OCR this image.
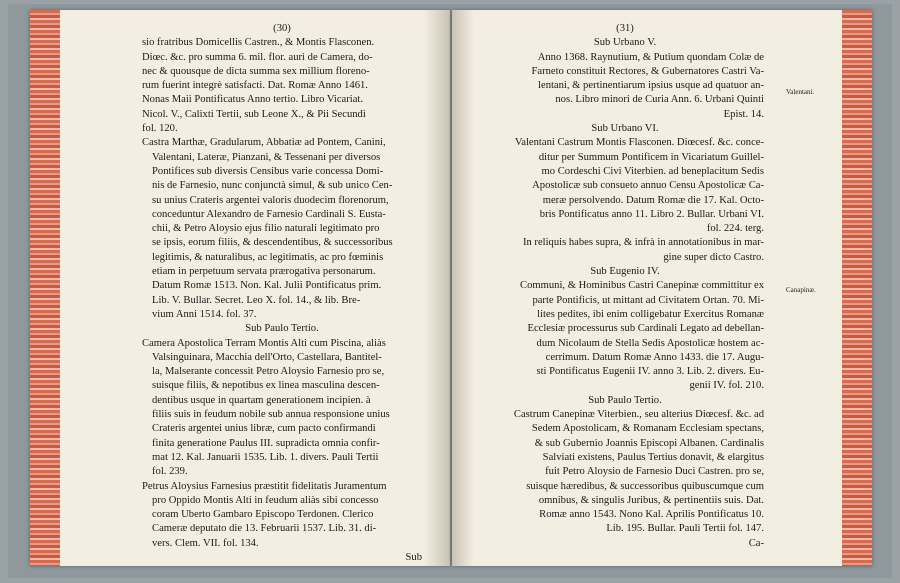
(30)
sio fratribus Domicellis Castren., & Montis Flasconen.
Diœc. &c. pro summa 6. mil. flor. auri de Camera, do-
nec & quousque de dicta summa sex millium floreno-
rum fuerint integrè satisfacti. Dat. Romæ Anno 1461.
Nonas Maii Pontificatus Anno tertio. Libro Vicariat.
Nicol. V., Calixti Tertii, sub Leone X., & Pii Secundi
fol. 120.
Castra Marthæ, Gradularum, Abbatiæ ad Pontem, Canini,
Valentani, Lateræ, Pianzani, & Tessenani per diversos
Pontifices sub diversis Censibus varie concessa Domi-
nis de Farnesio, nunc conjunctà simul, & sub unico Cen-
su unius Crateris argentei valoris duodecim florenorum,
conceduntur Alexandro de Farnesio Cardinali S. Eusta-
chii, & Petro Aloysio ejus filio naturali legitimato pro
se ipsis, eorum filiis, & descendentibus, & successoribus
legitimis, & naturalibus, ac legitimatis, ac pro fœminis
etiam in perpetuum servata prærogativa personarum.
Datum Romæ 1513. Non. Kal. Julii Pontificatus prim.
Lib. V. Bullar. Secret. Leo X. fol. 14., & lib. Bre-
vium Anni 1514. fol. 37.
Sub Paulo Tertio.
Camera Apostolica Terram Montis Alti cum Piscina, aliàs
Valsinguinara, Macchia dell'Orto, Castellara, Bantitel-
la, Malserante concessit Petro Aloysio Farnesio pro se,
suisque filiis, & nepotibus ex linea masculina descen-
dentibus usque in quartam generationem incipien. à
filiis suis in feudum nobile sub annua responsione unius
Crateris argentei unius libræ, cum pacto confirmandi
finita generatione Paulus III. supradicta omnia confir-
mat 12. Kal. Januarii 1535. Lib. 1. divers. Pauli Tertii
fol. 239.
Petrus Aloysius Farnesius præstitit fidelitatis Juramentum
pro Oppido Montis Alti in feudum aliàs sibi concesso
coram Uberto Gambaro Episcopo Terdonen. Clerico
Cameræ deputato die 13. Februarii 1537. Lib. 31. di-
vers. Clem. VII. fol. 134.
Sub
(31)
Sub Urbano V.
Anno 1368. Raynutium, & Putium quondam Colæ de
Farneto constituit Rectores, & Gubernatores Castri Va-
lentani, & pertinentiarum ipsius usque ad quatuor an-
nos. Libro minori de Curia Ann. 6. Urbani Quinti
Epist. 14.
Sub Urbano VI.
Valentani Castrum Montis Flasconen. Diœcesf. &c. conce-
ditur per Summum Pontificem in Vicariatum Guillel-
mo Cordeschi Civi Viterbien. ad beneplacitum Sedis
Apostolicæ sub consueto annuo Censu Apostolicæ Ca-
meræ persolvendo. Datum Romæ die 17. Kal. Octo-
bris Pontificatus anno 11. Libro 2. Bullar. Urbani VI.
fol. 224. terg.
In reliquis habes supra, & infrà in annotationibus in mar-
gine super dicto Castro.
Sub Eugenio IV.
Communi, & Hominibus Castri Canepinæ committitur ex
parte Pontificis, ut mittant ad Civitatem Ortan. 70. Mi-
lites pedites, ibi enim colligebatur Exercitus Romanæ
Ecclesiæ processurus sub Cardinali Legato ad debellan-
dum Nicolaum de Stella Sedis Apostolicæ hostem ac-
cerrimum. Datum Romæ Anno 1433. die 17. Augu-
sti Pontificatus Eugenii IV. anno 3. Lib. 2. divers. Eu-
genii IV. fol. 210.
Sub Paulo Tertio.
Castrum Canepinæ Viterbien., seu alterius Diœcesf. &c. ad
Sedem Apostolicam, & Romanam Ecclesiam spectans,
& sub Gubernio Joannis Episcopi Albanen. Cardinalis
Salviati existens, Paulus Tertius donavit, & elargitus
fuit Petro Aloysio de Farnesio Duci Castren. pro se,
suisque hæredibus, & successoribus quibuscumque cum
omnibus, & singulis Juribus, & pertinentiis suis. Dat.
Romæ anno 1543. Nono Kal. Aprilis Pontificatus 10.
Lib. 195. Bullar. Pauli Tertii fol. 147.
Ca-
Valentani.
Canapinæ.
